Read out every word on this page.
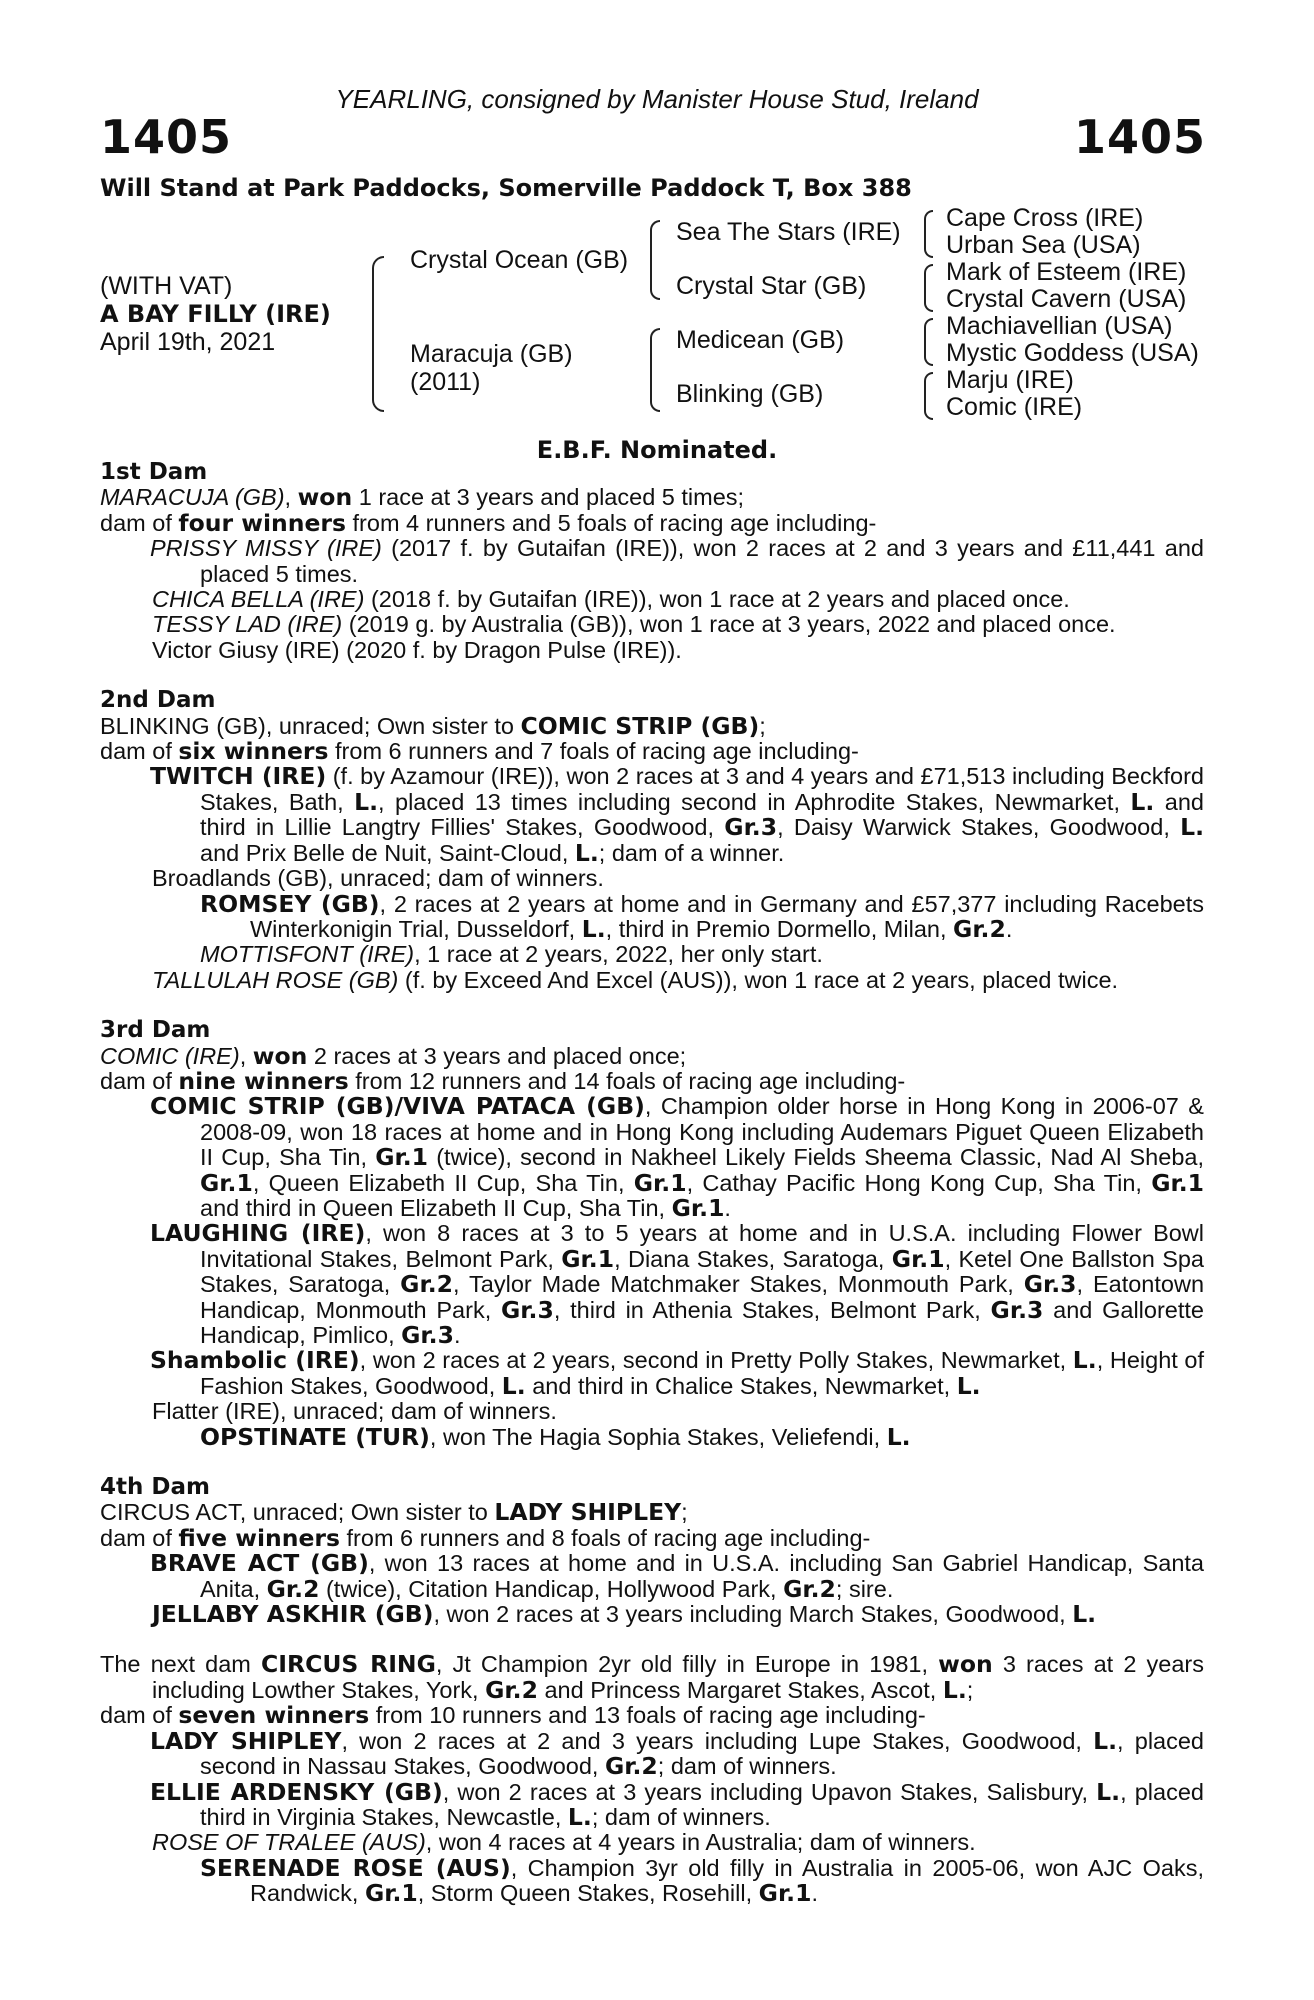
YEARLING, consigned by Manister House Stud, Ireland
1405	1405
Will Stand at Park Paddocks, Somerville Paddock T, Box 388
(WITH VAT)
A BAY FILLY (IRE)
April 19th, 2021
Crystal Ocean (GB)
Maracuja (GB)
(2011)
Sea The Stars (IRE)
Crystal Star (GB)
Medicean (GB)
Blinking (GB)
Cape Cross (IRE)
Urban Sea (USA)
Mark of Esteem (IRE)
Crystal Cavern (USA)
Machiavellian (USA)
Mystic Goddess (USA)
Marju (IRE)
Comic (IRE)
E.B.F. Nominated.

1st Dam

MARACUJA (GB), won 1 race at 3 years and placed 5 times;

dam of four winners from 4 runners and 5 foals of racing age including-

PRISSY MISSY (IRE) (2017 f. by Gutaifan (IRE)), won 2 races at 2 and 3 years and £11,441 and placed 5 times.

CHICA BELLA (IRE) (2018 f. by Gutaifan (IRE)), won 1 race at 2 years and placed once.

TESSY LAD (IRE) (2019 g. by Australia (GB)), won 1 race at 3 years, 2022 and placed once.

Victor Giusy (IRE) (2020 f. by Dragon Pulse (IRE)).

2nd Dam

BLINKING (GB), unraced; Own sister to COMIC STRIP (GB);

dam of six winners from 6 runners and 7 foals of racing age including-

TWITCH (IRE) (f. by Azamour (IRE)), won 2 races at 3 and 4 years and £71,513 including Beckford Stakes, Bath, L., placed 13 times including second in Aphrodite Stakes, Newmarket, L. and third in Lillie Langtry Fillies' Stakes, Goodwood, Gr.3, Daisy Warwick Stakes, Goodwood, L. and Prix Belle de Nuit, Saint-Cloud, L.; dam of a winner.

Broadlands (GB), unraced; dam of winners.

ROMSEY (GB), 2 races at 2 years at home and in Germany and £57,377 including Racebets Winterkonigin Trial, Dusseldorf, L., third in Premio Dormello, Milan, Gr.2.

MOTTISFONT (IRE), 1 race at 2 years, 2022, her only start.

TALLULAH ROSE (GB) (f. by Exceed And Excel (AUS)), won 1 race at 2 years, placed twice.

3rd Dam

COMIC (IRE), won 2 races at 3 years and placed once;

dam of nine winners from 12 runners and 14 foals of racing age including-

COMIC STRIP (GB)/VIVA PATACA (GB), Champion older horse in Hong Kong in 2006-07 & 2008-09, won 18 races at home and in Hong Kong including Audemars Piguet Queen Elizabeth II Cup, Sha Tin, Gr.1 (twice), second in Nakheel Likely Fields Sheema Classic, Nad Al Sheba, Gr.1, Queen Elizabeth II Cup, Sha Tin, Gr.1, Cathay Pacific Hong Kong Cup, Sha Tin, Gr.1 and third in Queen Elizabeth II Cup, Sha Tin, Gr.1.

LAUGHING (IRE), won 8 races at 3 to 5 years at home and in U.S.A. including Flower Bowl Invitational Stakes, Belmont Park, Gr.1, Diana Stakes, Saratoga, Gr.1, Ketel One Ballston Spa Stakes, Saratoga, Gr.2, Taylor Made Matchmaker Stakes, Monmouth Park, Gr.3, Eatontown Handicap, Monmouth Park, Gr.3, third in Athenia Stakes, Belmont Park, Gr.3 and Gallorette Handicap, Pimlico, Gr.3.

Shambolic (IRE), won 2 races at 2 years, second in Pretty Polly Stakes, Newmarket, L., Height of Fashion Stakes, Goodwood, L. and third in Chalice Stakes, Newmarket, L.

Flatter (IRE), unraced; dam of winners.

OPSTINATE (TUR), won The Hagia Sophia Stakes, Veliefendi, L.

4th Dam

CIRCUS ACT, unraced; Own sister to LADY SHIPLEY;

dam of five winners from 6 runners and 8 foals of racing age including-

BRAVE ACT (GB), won 13 races at home and in U.S.A. including San Gabriel Handicap, Santa Anita, Gr.2 (twice), Citation Handicap, Hollywood Park, Gr.2; sire.

JELLABY ASKHIR (GB), won 2 races at 3 years including March Stakes, Goodwood, L.

The next dam CIRCUS RING, Jt Champion 2yr old filly in Europe in 1981, won 3 races at 2 years including Lowther Stakes, York, Gr.2 and Princess Margaret Stakes, Ascot, L.;

dam of seven winners from 10 runners and 13 foals of racing age including-

LADY SHIPLEY, won 2 races at 2 and 3 years including Lupe Stakes, Goodwood, L., placed second in Nassau Stakes, Goodwood, Gr.2; dam of winners.

ELLIE ARDENSKY (GB), won 2 races at 3 years including Upavon Stakes, Salisbury, L., placed third in Virginia Stakes, Newcastle, L.; dam of winners.

ROSE OF TRALEE (AUS), won 4 races at 4 years in Australia; dam of winners.

SERENADE ROSE (AUS), Champion 3yr old filly in Australia in 2005-06, won AJC Oaks, Randwick, Gr.1, Storm Queen Stakes, Rosehill, Gr.1.
